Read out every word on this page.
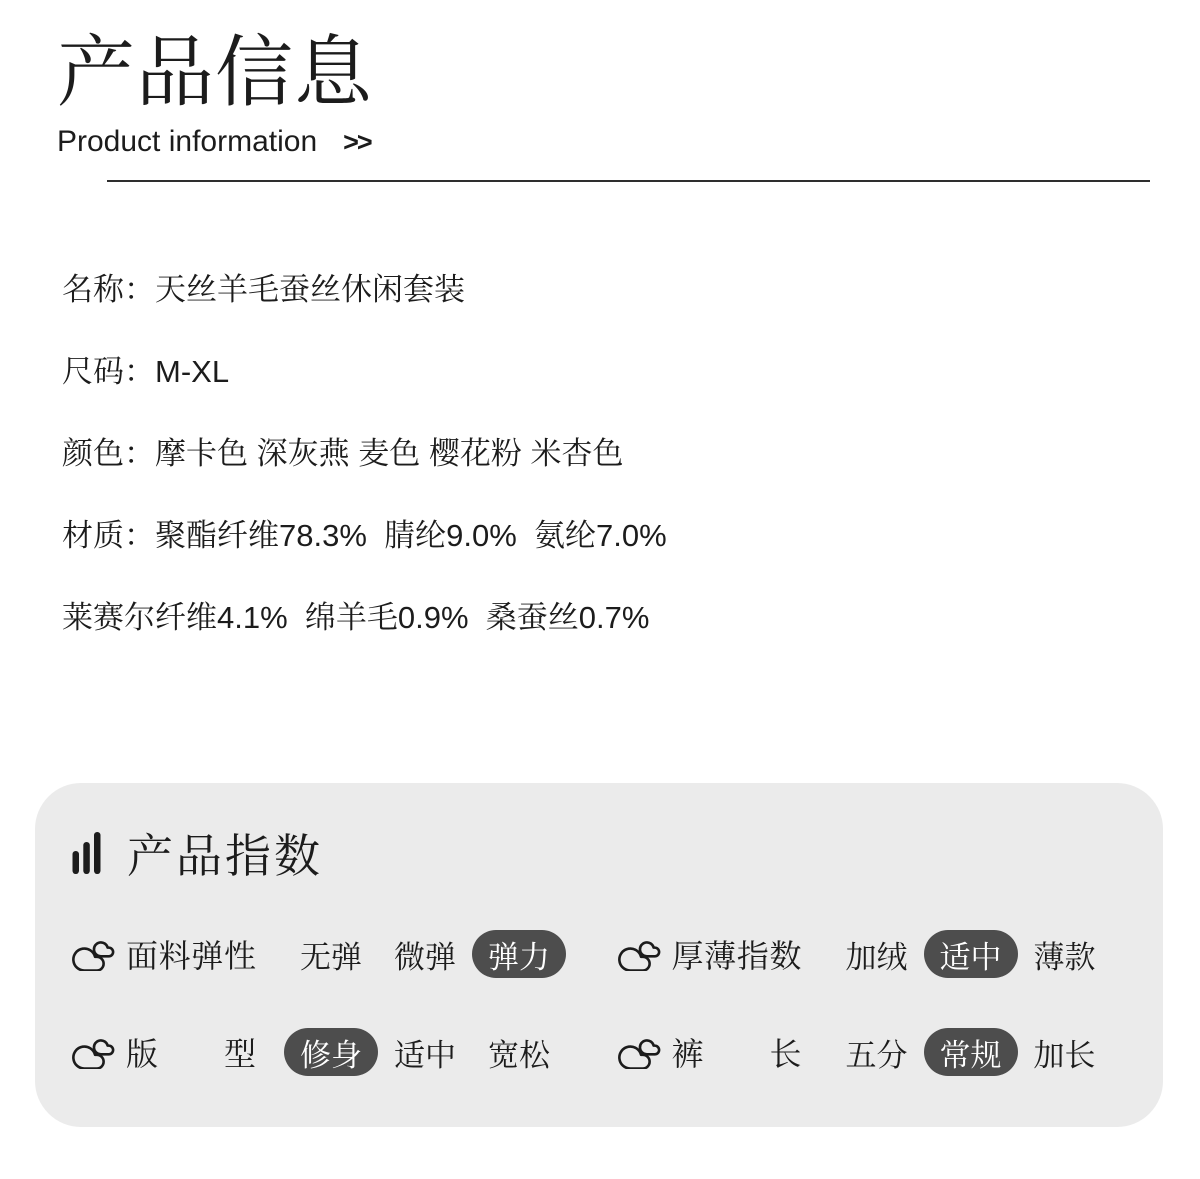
产品信息
Product information >>

名称：天丝羊毛蚕丝休闲套装

尺码：M-XL

颜色：摩卡色 深灰燕 麦色 樱花粉 米杏色

材质：聚酯纤维78.3%  腈纶9.0%  氨纶7.0%

莱赛尔纤维4.1%  绵羊毛0.9%  桑蚕丝0.7%

产品指数
面 料 弹 性	无弹	微弹	弹力	厚 薄 指 数	加绒	适中	薄款
版 型	修身	适中	宽松	裤 长	五分	常规	加长
